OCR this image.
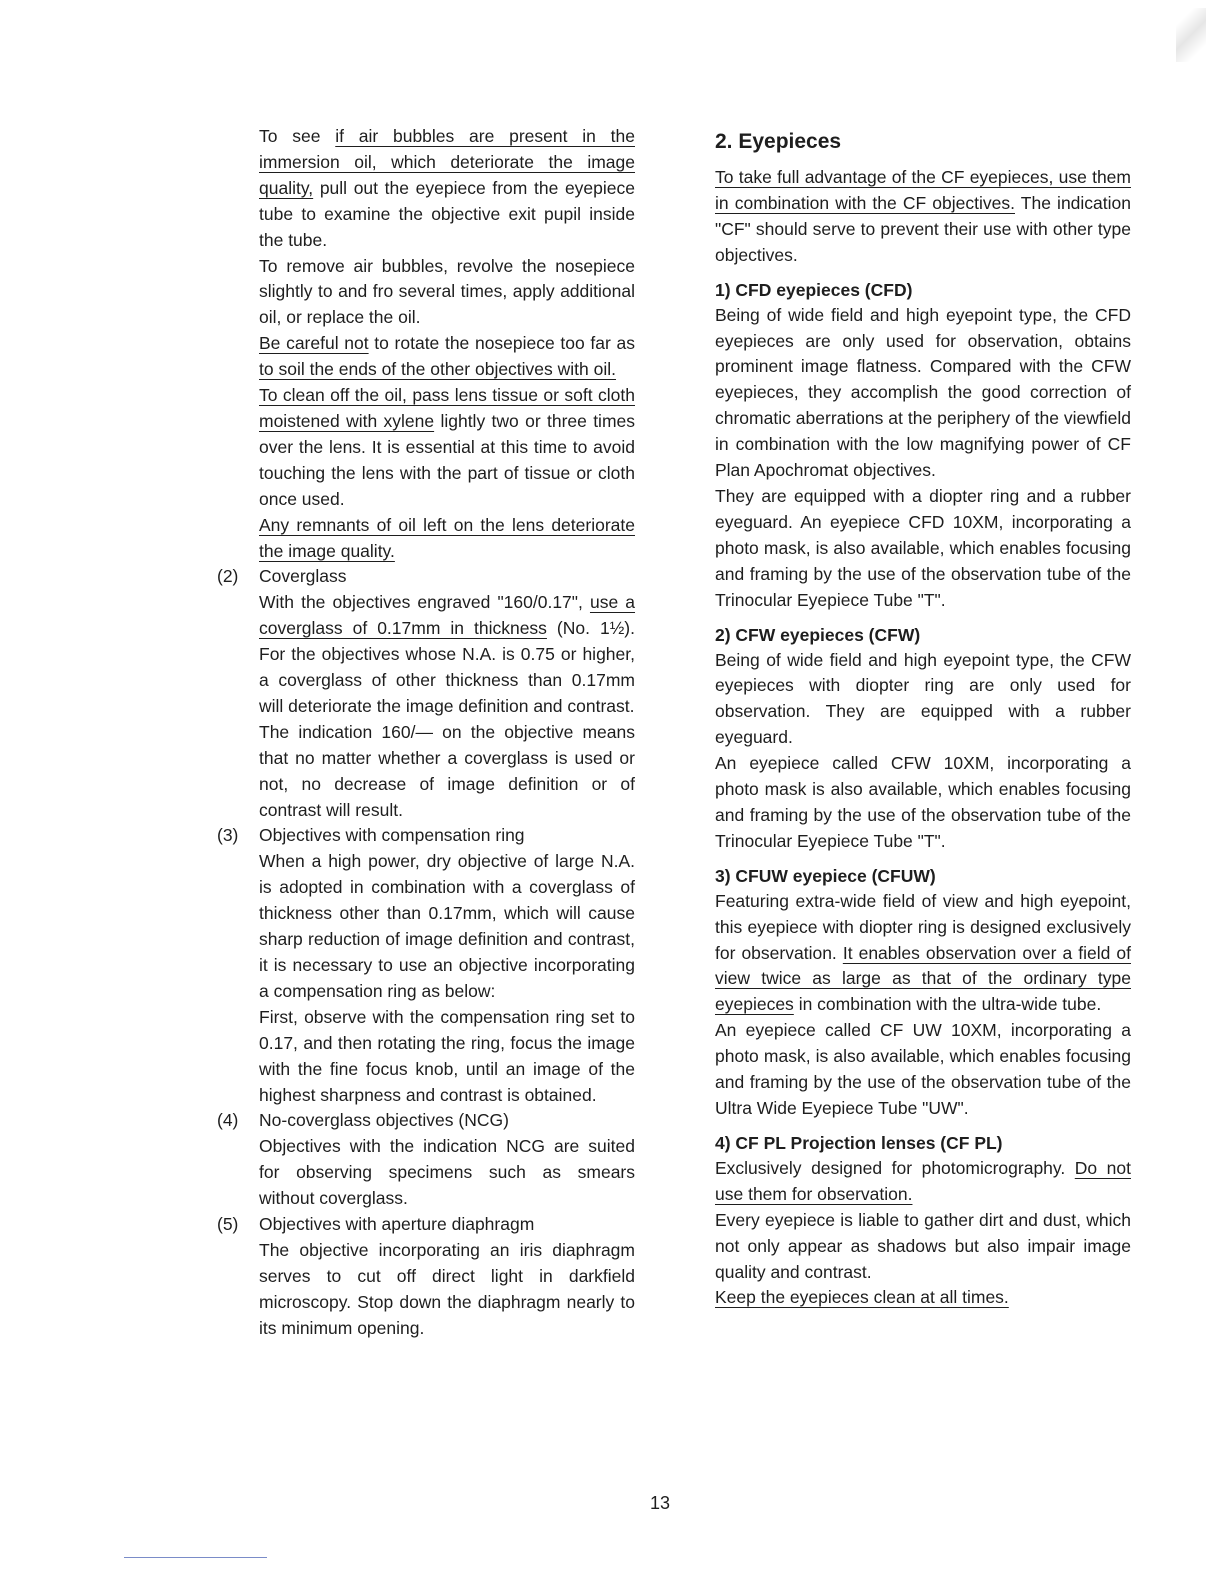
To see if air bubbles are present in the immersion oil, which deteriorate the image quality, pull out the eyepiece from the eyepiece tube to examine the objective exit pupil inside the tube.

To remove air bubbles, revolve the nosepiece slightly to and fro several times, apply additional oil, or replace the oil.

Be careful not to rotate the nosepiece too far as to soil the ends of the other objectives with oil.

To clean off the oil, pass lens tissue or soft cloth moistened with xylene lightly two or three times over the lens. It is essential at this time to avoid touching the lens with the part of tissue or cloth once used.

Any remnants of oil left on the lens deteriorate the image quality.

(2) Coverglass

With the objectives engraved "160/0.17", use a coverglass of 0.17mm in thickness (No. 1½). For the objectives whose N.A. is 0.75 or higher, a coverglass of other thickness than 0.17mm will deteriorate the image definition and contrast.

The indication 160/— on the objective means that no matter whether a coverglass is used or not, no decrease of image definition or of contrast will result.

(3) Objectives with compensation ring

When a high power, dry objective of large N.A. is adopted in combination with a coverglass of thickness other than 0.17mm, which will cause sharp reduction of image definition and contrast, it is necessary to use an objective incorporating a compensation ring as below:

First, observe with the compensation ring set to 0.17, and then rotating the ring, focus the image with the fine focus knob, until an image of the highest sharpness and contrast is obtained.

(4) No-coverglass objectives (NCG)

Objectives with the indication NCG are suited for observing specimens such as smears without coverglass.

(5) Objectives with aperture diaphragm

The objective incorporating an iris diaphragm serves to cut off direct light in darkfield microscopy. Stop down the diaphragm nearly to its minimum opening.

2. Eyepieces

To take full advantage of the CF eyepieces, use them in combination with the CF objectives. The indication "CF" should serve to prevent their use with other type objectives.

1) CFD eyepieces (CFD)

Being of wide field and high eyepoint type, the CFD eyepieces are only used for observation, obtains prominent image flatness. Compared with the CFW eyepieces, they accomplish the good correction of chromatic aberrations at the periphery of the viewfield in combination with the low magnifying power of CF Plan Apochromat objectives.

They are equipped with a diopter ring and a rubber eyeguard. An eyepiece CFD 10XM, incorporating a photo mask, is also available, which enables focusing and framing by the use of the observation tube of the Trinocular Eyepiece Tube "T".

2) CFW eyepieces (CFW)

Being of wide field and high eyepoint type, the CFW eyepieces with diopter ring are only used for observation. They are equipped with a rubber eyeguard.

An eyepiece called CFW 10XM, incorporating a photo mask is also available, which enables focusing and framing by the use of the observation tube of the Trinocular Eyepiece Tube "T".

3) CFUW eyepiece (CFUW)

Featuring extra-wide field of view and high eyepoint, this eyepiece with diopter ring is designed exclusively for observation. It enables observation over a field of view twice as large as that of the ordinary type eyepieces in combination with the ultra-wide tube.

An eyepiece called CF UW 10XM, incorporating a photo mask, is also available, which enables focusing and framing by the use of the observation tube of the Ultra Wide Eyepiece Tube "UW".

4) CF PL Projection lenses (CF PL)

Exclusively designed for photomicrography. Do not use them for observation.

Every eyepiece is liable to gather dirt and dust, which not only appear as shadows but also impair image quality and contrast.

Keep the eyepieces clean at all times.

13
